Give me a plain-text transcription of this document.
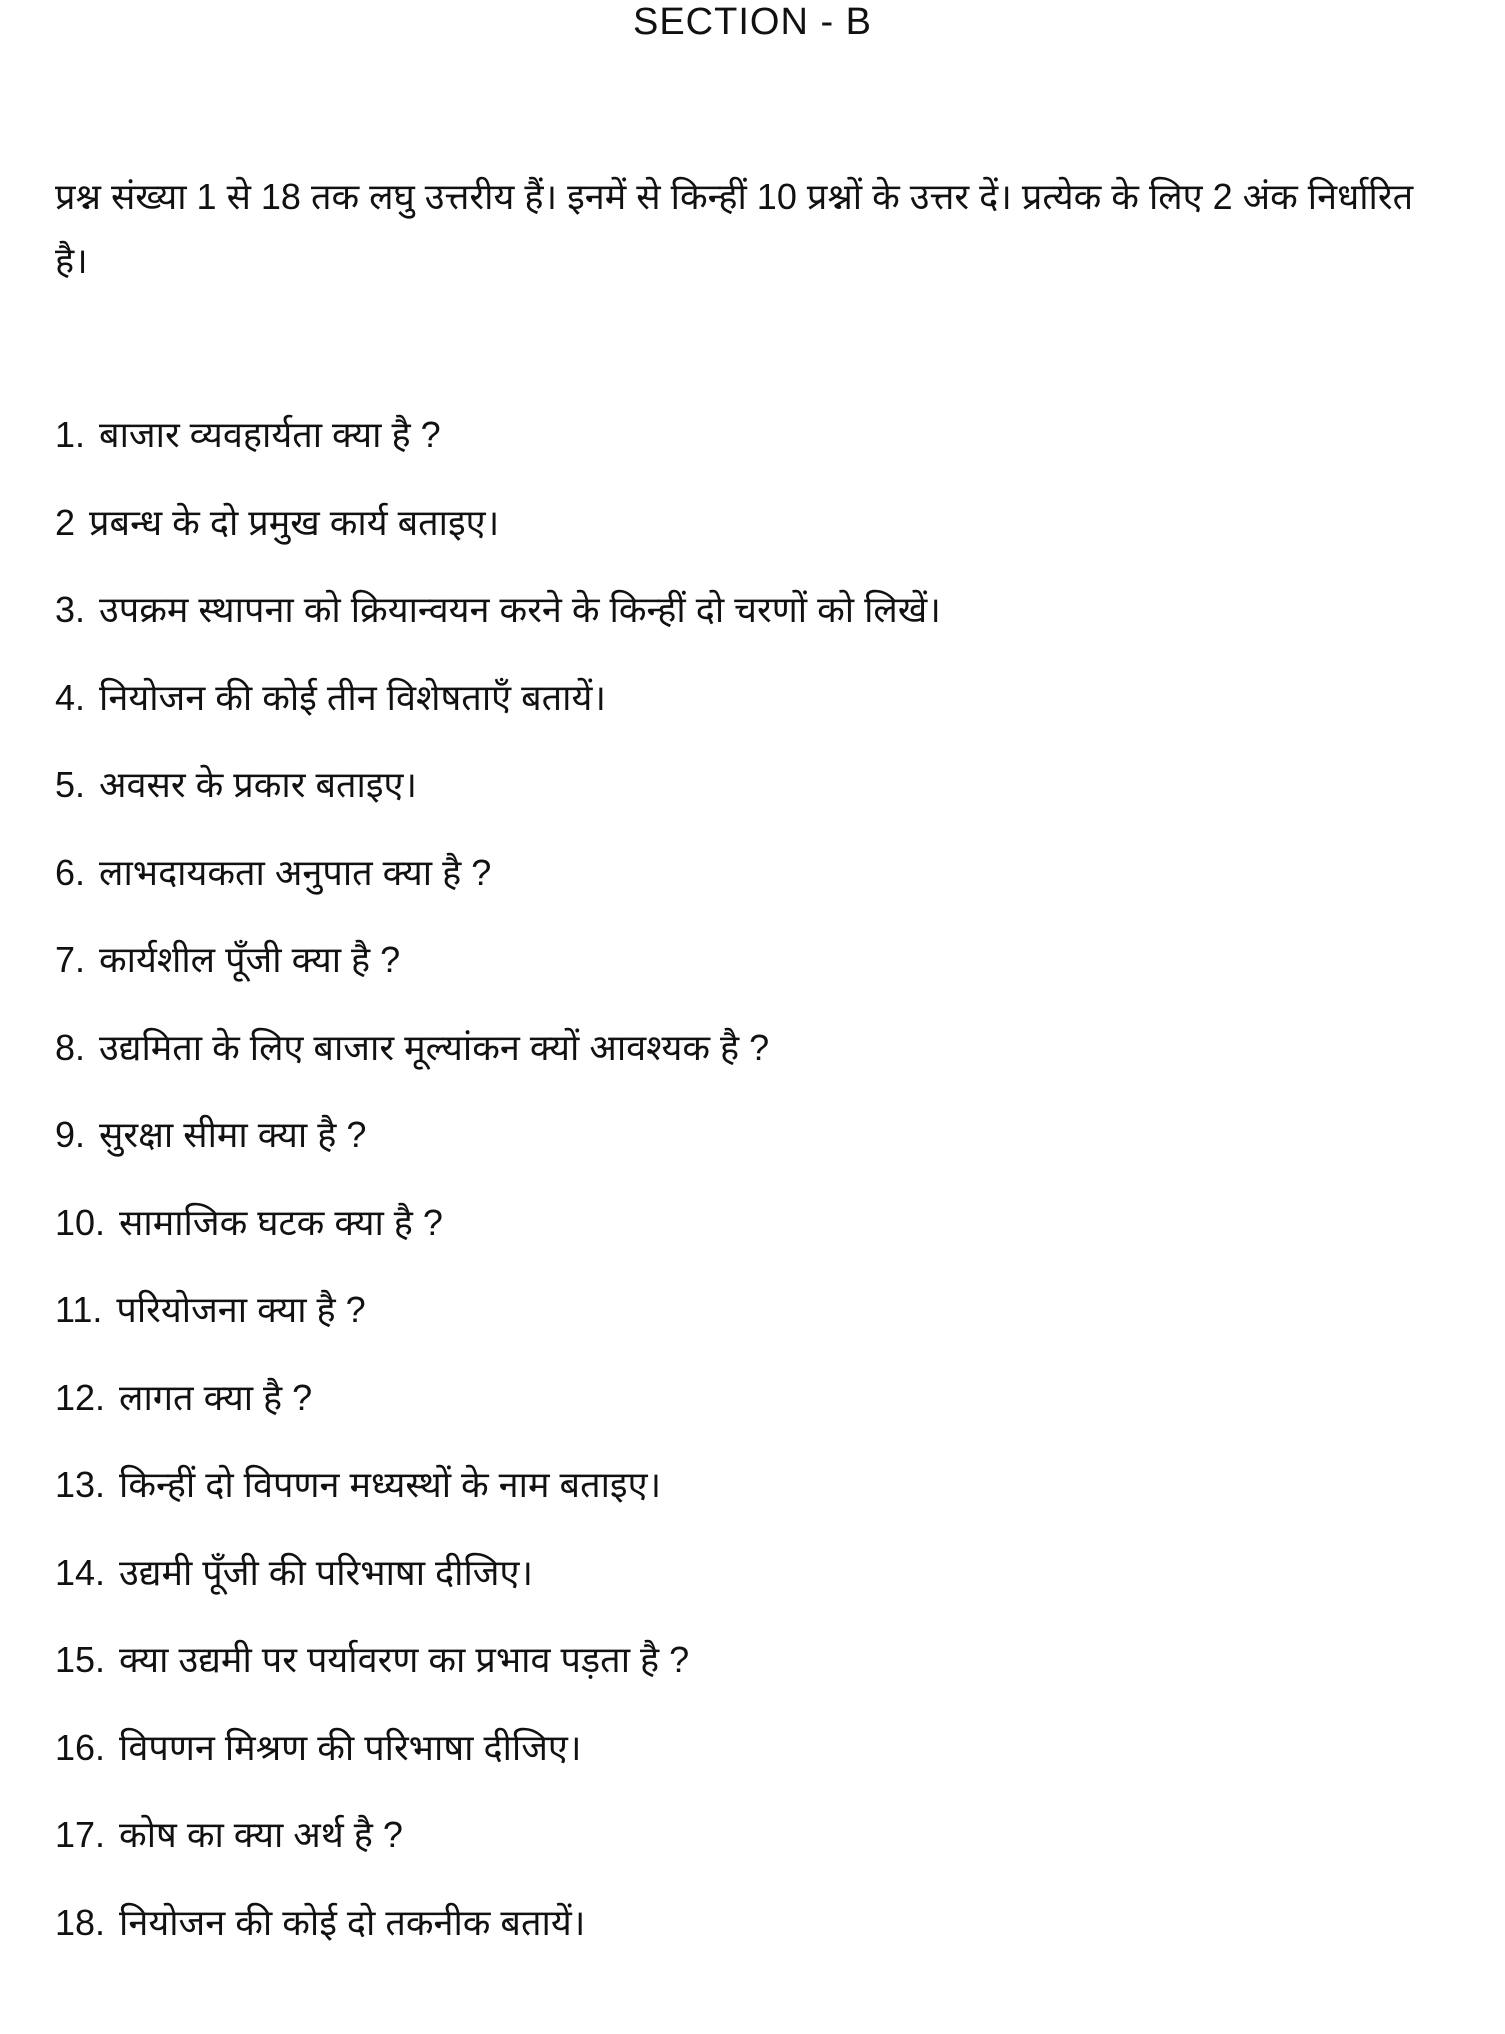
SECTION - B
प्रश्न संख्या 1 से 18 तक लघु उत्तरीय हैं। इनमें से किन्हीं 10 प्रश्नों के उत्तर दें। प्रत्येक के लिए 2 अंक निर्धारित है।
1. बाजार व्यवहार्यता क्या है ?
2 प्रबन्ध के दो प्रमुख कार्य बताइए।
3. उपक्रम स्थापना को क्रियान्वयन करने के किन्हीं दो चरणों को लिखें।
4. नियोजन की कोई तीन विशेषताएँ बतायें।
5. अवसर के प्रकार बताइए।
6. लाभदायकता अनुपात क्या है ?
7. कार्यशील पूँजी क्या है ?
8. उद्यमिता के लिए बाजार मूल्यांकन क्यों आवश्यक है ?
9. सुरक्षा सीमा क्या है ?
10. सामाजिक घटक क्या है ?
11. परियोजना क्या है ?
12. लागत क्या है ?
13. किन्हीं दो विपणन मध्यस्थों के नाम बताइए।
14. उद्यमी पूँजी की परिभाषा दीजिए।
15. क्या उद्यमी पर पर्यावरण का प्रभाव पड़ता है ?
16. विपणन मिश्रण की परिभाषा दीजिए।
17. कोष का क्या अर्थ है ?
18. नियोजन की कोई दो तकनीक बतायें।
